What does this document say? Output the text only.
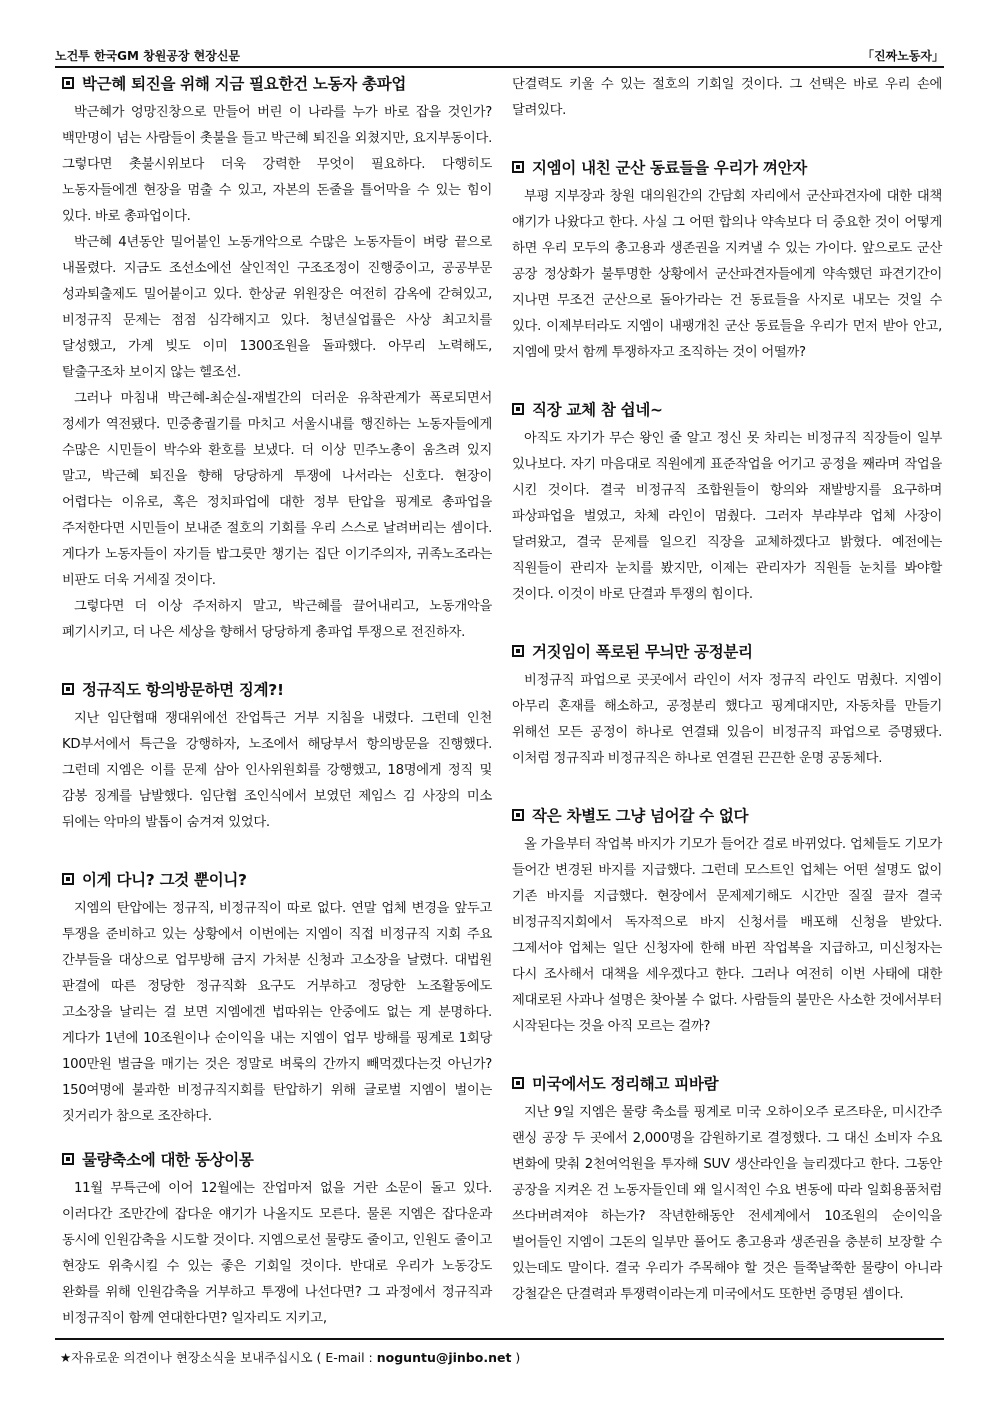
노건투 한국GM 창원공장 현장신문	「진짜노동자」
박근혜 퇴진을 위해 지금 필요한건 노동자 총파업

박근혜가 엉망진창으로 만들어 버린 이 나라를 누가 바로 잡을 것인가? 백만명이 넘는 사람들이 촛불을 들고 박근혜 퇴진을 외쳤지만, 요지부동이다. 그렇다면 촛불시위보다 더욱 강력한 무엇이 필요하다. 다행히도 노동자들에겐 현장을 멈출 수 있고, 자본의 돈줄을 틀어막을 수 있는 힘이 있다. 바로 총파업이다.

박근혜 4년동안 밀어붙인 노동개악으로 수많은 노동자들이 벼랑 끝으로 내몰렸다. 지금도 조선소에선 살인적인 구조조정이 진행중이고, 공공부문 성과퇴출제도 밀어붙이고 있다. 한상균 위원장은 여전히 감옥에 갇혀있고, 비정규직 문제는 점점 심각해지고 있다. 청년실업률은 사상 최고치를 달성했고, 가계 빚도 이미 1300조원을 돌파했다. 아무리 노력해도, 탈출구조차 보이지 않는 헬조선.

그러나 마침내 박근혜-최순실-재벌간의 더러운 유착관계가 폭로되면서 정세가 역전됐다. 민중총궐기를 마치고 서울시내를 행진하는 노동자들에게 수많은 시민들이 박수와 환호를 보냈다. 더 이상 민주노총이 움츠려 있지 말고, 박근혜 퇴진을 향해 당당하게 투쟁에 나서라는 신호다. 현장이 어렵다는 이유로, 혹은 정치파업에 대한 정부 탄압을 핑계로 총파업을 주저한다면 시민들이 보내준 절호의 기회를 우리 스스로 날려버리는 셈이다. 게다가 노동자들이 자기들 밥그릇만 챙기는 집단 이기주의자, 귀족노조라는 비판도 더욱 거세질 것이다.

그렇다면 더 이상 주저하지 말고, 박근혜를 끌어내리고, 노동개악을 폐기시키고, 더 나은 세상을 향해서 당당하게 총파업 투쟁으로 전진하자.

정규직도 항의방문하면 징계?!

지난 임단협때 쟁대위에선 잔업특근 거부 지침을 내렸다. 그런데 인천 KD부서에서 특근을 강행하자, 노조에서 해당부서 항의방문을 진행했다. 그런데 지엠은 이를 문제 삼아 인사위원회를 강행했고, 18명에게 정직 및 감봉 징계를 남발했다. 임단협 조인식에서 보였던 제임스 김 사장의 미소 뒤에는 악마의 발톱이 숨겨져 있었다.

이게 다니? 그것 뿐이니?

지엠의 탄압에는 정규직, 비정규직이 따로 없다. 연말 업체 변경을 앞두고 투쟁을 준비하고 있는 상황에서 이번에는 지엠이 직접 비정규직 지회 주요 간부들을 대상으로 업무방해 금지 가처분 신청과 고소장을 날렸다. 대법원 판결에 따른 정당한 정규직화 요구도 거부하고 정당한 노조활동에도 고소장을 날리는 걸 보면 지엠에겐 법따위는 안중에도 없는 게 분명하다. 게다가 1년에 10조원이나 순이익을 내는 지엠이 업무 방해를 핑계로 1회당 100만원 벌금을 매기는 것은 정말로 벼룩의 간까지 빼먹겠다는것 아닌가? 150여명에 불과한 비정규직지회를 탄압하기 위해 글로벌 지엠이 벌이는 짓거리가 참으로 조잔하다.

물량축소에 대한 동상이몽

11월 무특근에 이어 12월에는 잔업마저 없을 거란 소문이 돌고 있다. 이러다간 조만간에 잡다운 얘기가 나올지도 모른다. 물론 지엠은 잡다운과 동시에 인원감축을 시도할 것이다. 지엠으로선 물량도 줄이고, 인원도 줄이고 현장도 위축시킬 수 있는 좋은 기회일 것이다. 반대로 우리가 노동강도 완화를 위해 인원감축을 거부하고 투쟁에 나선다면? 그 과정에서 정규직과 비정규직이 함께 연대한다면? 일자리도 지키고,

단결력도 키울 수 있는 절호의 기회일 것이다. 그 선택은 바로 우리 손에 달려있다.

지엠이 내친 군산 동료들을 우리가 껴안자

부평 지부장과 창원 대의원간의 간담회 자리에서 군산파견자에 대한 대책 얘기가 나왔다고 한다. 사실 그 어떤 합의나 약속보다 더 중요한 것이 어떻게 하면 우리 모두의 총고용과 생존권을 지켜낼 수 있는 가이다. 앞으로도 군산 공장 정상화가 불투명한 상황에서 군산파견자들에게 약속했던 파견기간이 지나면 무조건 군산으로 돌아가라는 건 동료들을 사지로 내모는 것일 수 있다. 이제부터라도 지엠이 내팽개친 군산 동료들을 우리가 먼저 받아 안고, 지엠에 맞서 함께 투쟁하자고 조직하는 것이 어떨까?

직장 교체 참 쉽네~

아직도 자기가 무슨 왕인 줄 알고 정신 못 차리는 비정규직 직장들이 일부 있나보다. 자기 마음대로 직원에게 표준작업을 어기고 공정을 째라며 작업을 시킨 것이다. 결국 비정규직 조합원들이 항의와 재발방지를 요구하며 파상파업을 벌였고, 차체 라인이 멈췄다. 그러자 부랴부랴 업체 사장이 달려왔고, 결국 문제를 일으킨 직장을 교체하겠다고 밝혔다. 예전에는 직원들이 관리자 눈치를 봤지만, 이제는 관리자가 직원들 눈치를 봐야할 것이다. 이것이 바로 단결과 투쟁의 힘이다.

거짓임이 폭로된 무늬만 공정분리

비정규직 파업으로 곳곳에서 라인이 서자 정규직 라인도 멈췄다. 지엠이 아무리 혼재를 해소하고, 공정분리 했다고 핑계대지만, 자동차를 만들기 위해선 모든 공정이 하나로 연결돼 있음이 비정규직 파업으로 증명됐다. 이처럼 정규직과 비정규직은 하나로 연결된 끈끈한 운명 공동체다.

작은 차별도 그냥 넘어갈 수 없다

올 가을부터 작업복 바지가 기모가 들어간 걸로 바뀌었다. 업체들도 기모가 들어간 변경된 바지를 지급했다. 그런데 모스트인 업체는 어떤 설명도 없이 기존 바지를 지급했다. 현장에서 문제제기해도 시간만 질질 끌자 결국 비정규직지회에서 독자적으로 바지 신청서를 배포해 신청을 받았다. 그제서야 업체는 일단 신청자에 한해 바뀐 작업복을 지급하고, 미신청자는 다시 조사해서 대책을 세우겠다고 한다. 그러나 여전히 이번 사태에 대한 제대로된 사과나 설명은 찾아볼 수 없다. 사람들의 불만은 사소한 것에서부터 시작된다는 것을 아직 모르는 걸까?

미국에서도 정리해고 피바람

지난 9일 지엠은 물량 축소를 핑계로 미국 오하이오주 로즈타운, 미시간주 랜싱 공장 두 곳에서 2,000명을 감원하기로 결정했다. 그 대신 소비자 수요 변화에 맞춰 2천여억원을 투자해 SUV 생산라인을 늘리겠다고 한다. 그동안 공장을 지켜온 건 노동자들인데 왜 일시적인 수요 변동에 따라 일회용품처럼 쓰다버려져야 하는가? 작년한해동안 전세계에서 10조원의 순이익을 벌어들인 지엠이 그돈의 일부만 풀어도 총고용과 생존권을 충분히 보장할 수 있는데도 말이다. 결국 우리가 주목해야 할 것은 들쭉날쭉한 물량이 아니라 강철같은 단결력과 투쟁력이라는게 미국에서도 또한번 증명된 셈이다.

★자유로운 의견이나 현장소식을 보내주십시오 ( E-mail : noguntu@jinbo.net )
